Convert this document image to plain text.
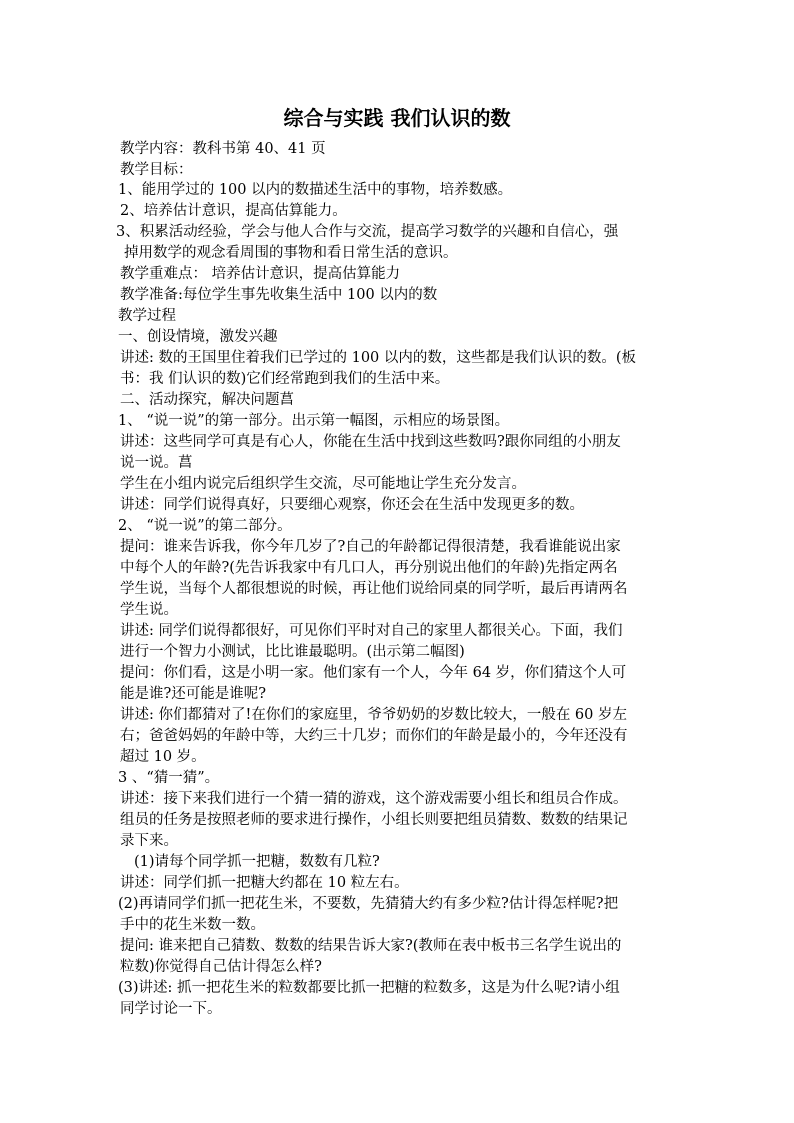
综合与实践 我们认识的数
教学内容：教科书第 40、41 页
教学目标：
1、能用学过的 100 以内的数描述生活中的事物，培养数感。
2、培养估计意识，提高估算能力。
3、积累活动经验，学会与他人合作与交流，提高学习数学的兴趣和自信心，强
掉用数学的观念看周围的事物和看日常生活的意识。
教学重难点： 培养估计意识，提高估算能力
教学准备:每位学生事先收集生活中 100 以内的数
教学过程
一、创设情境，激发兴趣
讲述: 数的王国里住着我们已学过的 100 以内的数，这些都是我们认识的数。(板
书：我 们认识的数)它们经常跑到我们的生活中来。
二、活动探究，解决问题菖
1、 “说一说”的第一部分。出示第一幅图，示相应的场景图。
讲述：这些同学可真是有心人，你能在生活中找到这些数吗?跟你同组的小朋友
说一说。菖
学生在小组内说完后组织学生交流，尽可能地让学生充分发言。
讲述：同学们说得真好，只要细心观察，你还会在生活中发现更多的数。
2、 “说一说”的第二部分。
提问：谁来告诉我，你今年几岁了?自己的年龄都记得很清楚，我看谁能说出家
中每个人的年龄?(先告诉我家中有几口人，再分别说出他们的年龄)先指定两名
学生说，当每个人都很想说的时候，再让他们说给同桌的同学听，最后再请两名
学生说。
讲述: 同学们说得都很好，可见你们平时对自己的家里人都很关心。下面，我们
进行一个智力小测试，比比谁最聪明。(出示第二幅图)
提问：你们看，这是小明一家。他们家有一个人，今年 64 岁，你们猜这个人可
能是谁?还可能是谁呢?
讲述: 你们都猜对了!在你们的家庭里，爷爷奶奶的岁数比较大，一般在 60 岁左
右；爸爸妈妈的年龄中等，大约三十几岁；而你们的年龄是最小的，今年还没有
超过 10 岁。
3 、“猜一猜”。
讲述：接下来我们进行一个猜一猜的游戏，这个游戏需要小组长和组员合作成。
组员的任务是按照老师的要求进行操作，小组长则要把组员猜数、数数的结果记
录下来。
(1)请每个同学抓一把糖，数数有几粒?
讲述：同学们抓一把糖大约都在 10 粒左右。
(2)再请同学们抓一把花生米，不要数，先猜猜大约有多少粒?估计得怎样呢?把
手中的花生米数一数。
提问: 谁来把自己猜数、数数的结果告诉大家?(教师在表中板书三名学生说出的
粒数)你觉得自己估计得怎么样?
(3)讲述: 抓一把花生米的粒数都要比抓一把糖的粒数多，这是为什么呢?请小组
同学讨论一下。
